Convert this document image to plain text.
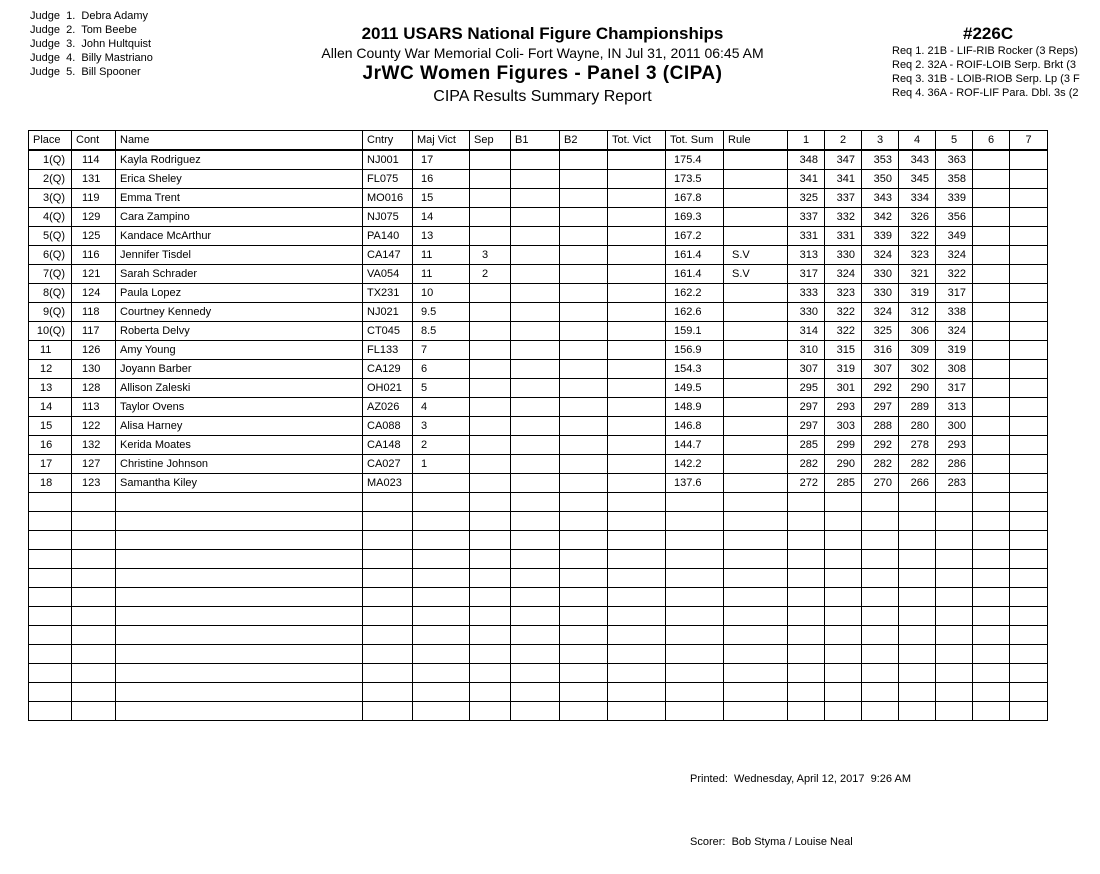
Judge  1. Debra Adamy
Judge  2. Tom Beebe
Judge  3. John Hultquist
Judge  4. Billy Mastriano
Judge  5. Bill Spooner
2011 USARS National Figure Championships
Allen County War Memorial Coli- Fort Wayne, IN Jul 31, 2011 06:45 AM
JrWC Women Figures - Panel 3 (CIPA)
CIPA Results Summary Report
#226C
Req 1. 21B - LIF-RIB Rocker (3 Reps)
Req 2. 32A - ROIF-LOIB Serp. Brkt (3
Req 3. 31B - LOIB-RIOB Serp. Lp (3 F
Req 4. 36A - ROF-LIF Para. Dbl. 3s (2
Place	Cont	Name	Cntry	Maj Vict	Sep	B1	B2	Tot. Vict	Tot. Sum	Rule	1	2	3	4	5	6	7
1(Q)	114	Kayla Rodriguez	NJ001	17					175.4		348	347	353	343	363		
2(Q)	131	Erica Sheley	FL075	16					173.5		341	341	350	345	358		
3(Q)	119	Emma Trent	MO016	15					167.8		325	337	343	334	339		
4(Q)	129	Cara Zampino	NJ075	14					169.3		337	332	342	326	356		
5(Q)	125	Kandace McArthur	PA140	13					167.2		331	331	339	322	349		
6(Q)	116	Jennifer Tisdel	CA147	11	3				161.4	S.V	313	330	324	323	324		
7(Q)	121	Sarah Schrader	VA054	11	2				161.4	S.V	317	324	330	321	322		
8(Q)	124	Paula Lopez	TX231	10					162.2		333	323	330	319	317		
9(Q)	118	Courtney Kennedy	NJ021	9.5					162.6		330	322	324	312	338		
10(Q)	117	Roberta Delvy	CT045	8.5					159.1		314	322	325	306	324		
11	126	Amy Young	FL133	7					156.9		310	315	316	309	319		
12	130	Joyann Barber	CA129	6					154.3		307	319	307	302	308		
13	128	Allison Zaleski	OH021	5					149.5		295	301	292	290	317		
14	113	Taylor Ovens	AZ026	4					148.9		297	293	297	289	313		
15	122	Alisa Harney	CA088	3					146.8		297	303	288	280	300		
16	132	Kerida Moates	CA148	2					144.7		285	299	292	278	293		
17	127	Christine Johnson	CA027	1					142.2		282	290	282	282	286		
18	123	Samantha Kiley	MA023						137.6		272	285	270	266	283		

Printed: Wednesday, April 12, 2017  9:26 AM

Scorer: Bob Styma / Louise Neal
